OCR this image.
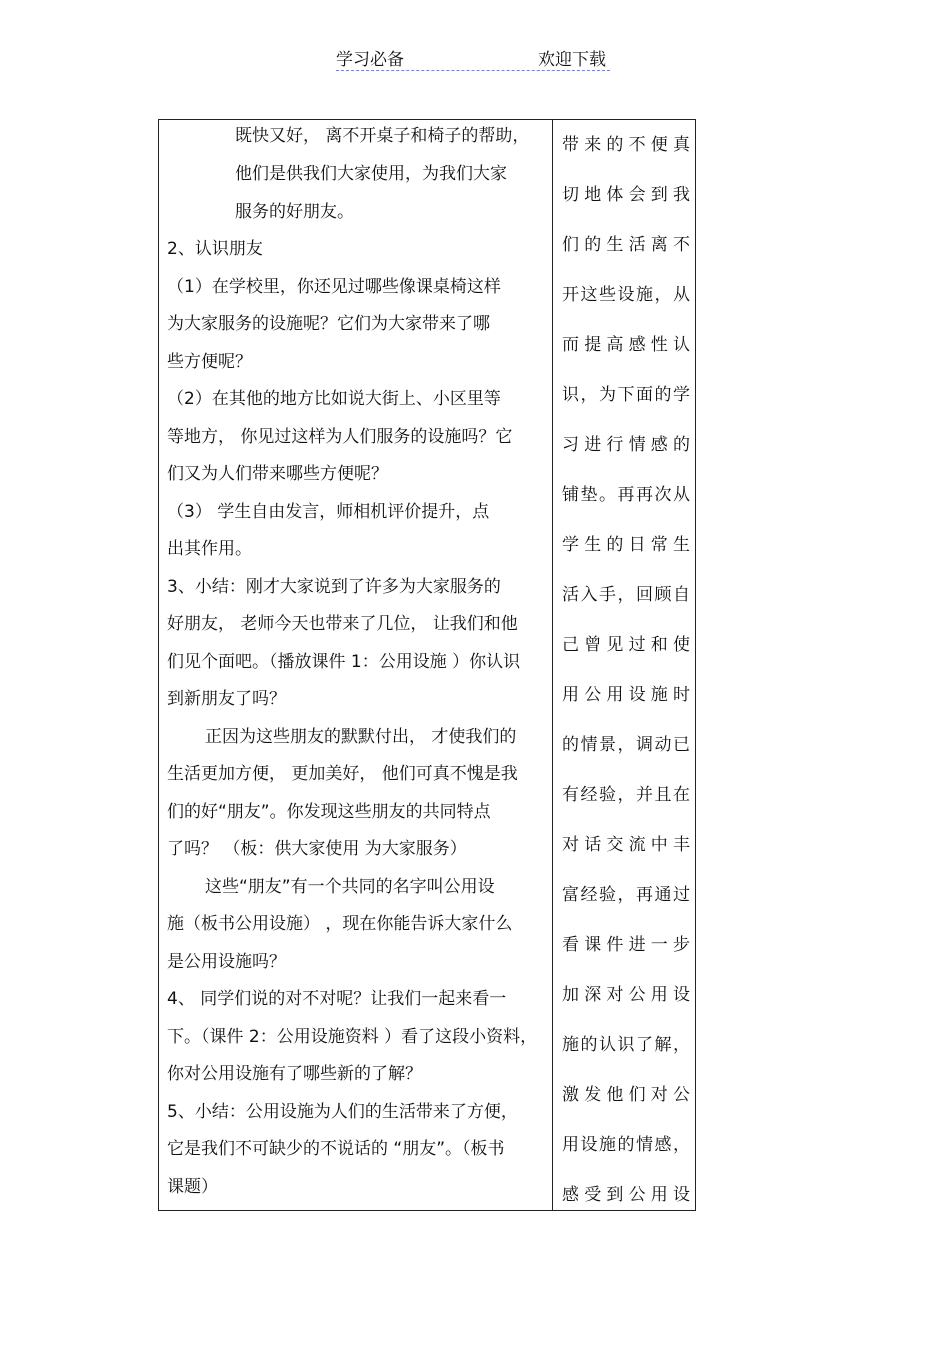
学习必备	欢迎下载

既快又好， 离不开桌子和椅子的帮助，

他们是供我们大家使用，为我们大家

服务的好朋友。

2、认识朋友

（1）在学校里，你还见过哪些像课桌椅这样

为大家服务的设施呢？它们为大家带来了哪

些方便呢？

（2）在其他的地方比如说大街上、小区里等

等地方， 你见过这样为人们服务的设施吗？它

们又为人们带来哪些方便呢？

（3） 学生自由发言，师相机评价提升，点

出其作用。

3、小结：刚才大家说到了许多为大家服务的

好朋友， 老师今天也带来了几位， 让我们和他

们见个面吧。（播放课件 1：公用设施 ）你认识

到新朋友了吗？

正因为这些朋友的默默付出， 才使我们的

生活更加方便， 更加美好， 他们可真不愧是我

们的好“朋友”。你发现这些朋友的共同特点

了吗？ （板：供大家使用 为大家服务）

这些“朋友”有一个共同的名字叫公用设

施（板书公用设施） ，现在你能告诉大家什么

是公用设施吗？

4、 同学们说的对不对呢？让我们一起来看一

下。（课件 2：公用设施资料 ）看了这段小资料，

你对公用设施有了哪些新的了解？

5、小结：公用设施为人们的生活带来了方便，

它是我们不可缺少的不说话的 “朋友”。（板书

课题）

带来的不便真

切地体会到我

们的生活离不

开这些设施，从

而提高感性认

识，为下面的学

习进行情感的

铺垫。再再次从

学生的日常生

活入手，回顾自

己曾见过和使

用公用设施时

的情景，调动已

有经验，并且在

对话交流中丰

富经验，再通过

看课件进一步

加深对公用设

施的认识了解，

激发他们对公

用设施的情感，

感受到公用设
